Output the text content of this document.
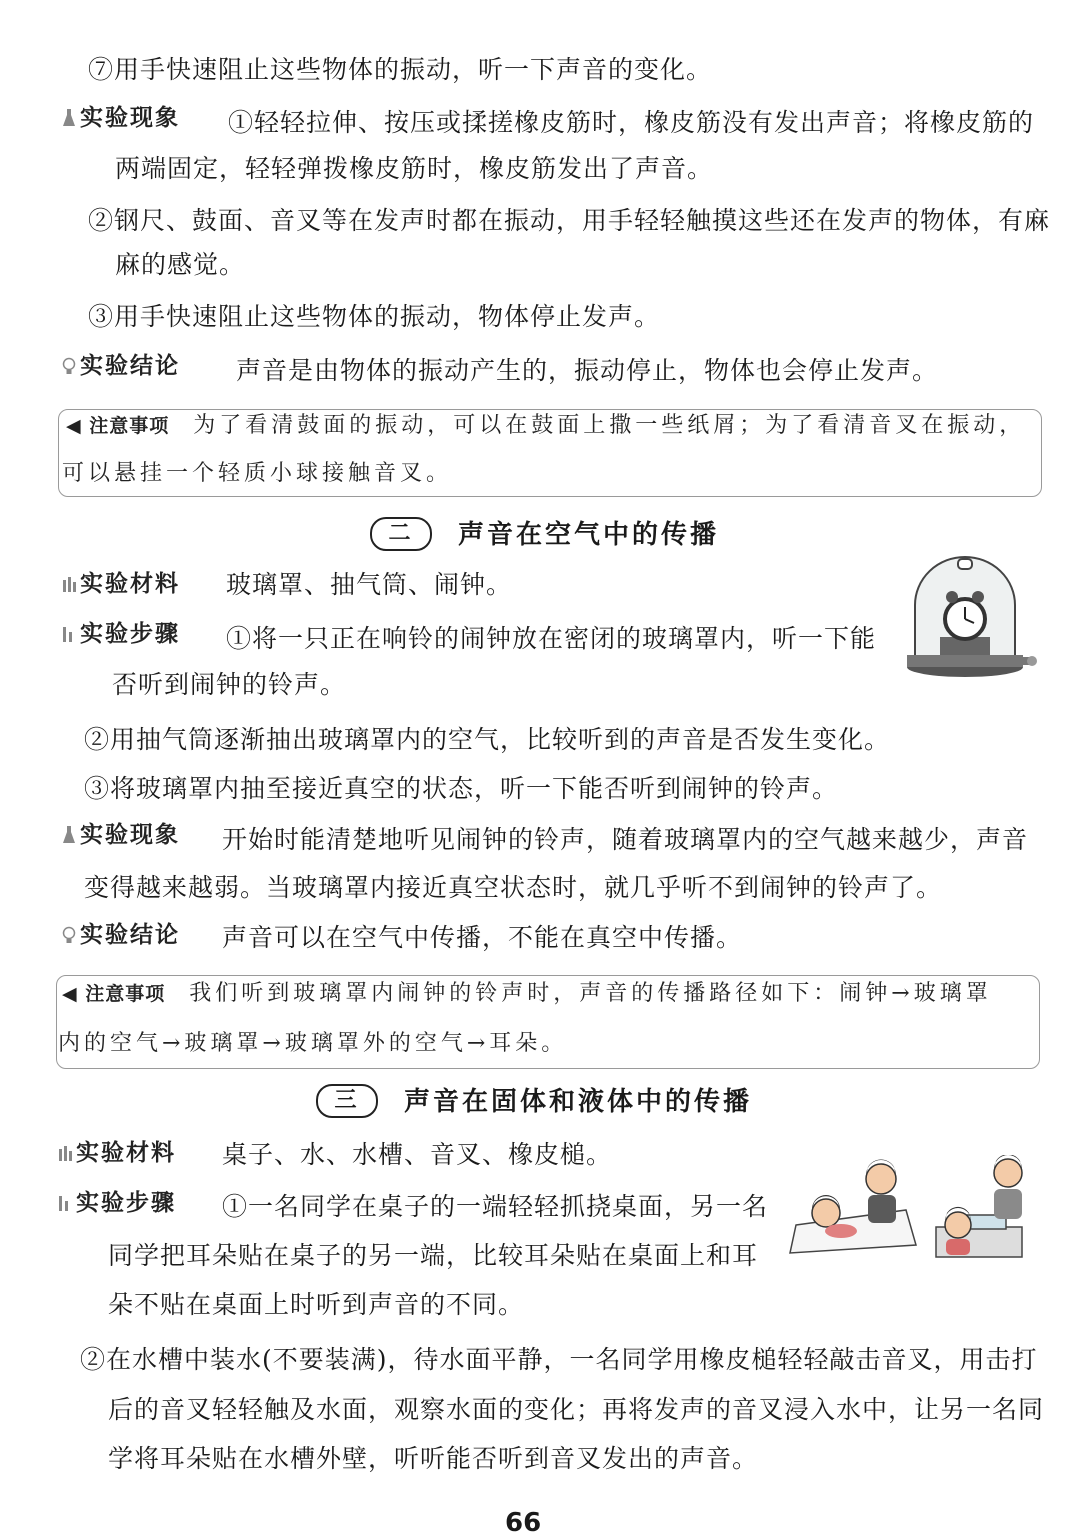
⑦用手快速阻止这些物体的振动，听一下声音的变化。
实验现象 ①轻轻拉伸、按压或揉搓橡皮筋时，橡皮筋没有发出声音；将橡皮筋的
两端固定，轻轻弹拨橡皮筋时，橡皮筋发出了声音。
②钢尺、鼓面、音叉等在发声时都在振动，用手轻轻触摸这些还在发声的物体，有麻
麻的感觉。
③用手快速阻止这些物体的振动，物体停止发声。
实验结论 声音是由物体的振动产生的，振动停止，物体也会停止发声。
◀ 注意事项 为了看清鼓面的振动，可以在鼓面上撒一些纸屑；为了看清音叉在振动，
可以悬挂一个轻质小球接触音叉。
二 声音在空气中的传播
实验材料 玻璃罩、抽气筒、闹钟。
实验步骤 ①将一只正在响铃的闹钟放在密闭的玻璃罩内，听一下能
否听到闹钟的铃声。
②用抽气筒逐渐抽出玻璃罩内的空气，比较听到的声音是否发生变化。
③将玻璃罩内抽至接近真空的状态，听一下能否听到闹钟的铃声。
实验现象 开始时能清楚地听见闹钟的铃声，随着玻璃罩内的空气越来越少，声音
变得越来越弱。当玻璃罩内接近真空状态时，就几乎听不到闹钟的铃声了。
实验结论 声音可以在空气中传播，不能在真空中传播。
◀ 注意事项 我们听到玻璃罩内闹钟的铃声时，声音的传播路径如下：闹钟→玻璃罩
内的空气→玻璃罩→玻璃罩外的空气→耳朵。
三 声音在固体和液体中的传播
实验材料 桌子、水、水槽、音叉、橡皮槌。
实验步骤 ①一名同学在桌子的一端轻轻抓挠桌面，另一名
同学把耳朵贴在桌子的另一端，比较耳朵贴在桌面上和耳
朵不贴在桌面上时听到声音的不同。
②在水槽中装水(不要装满)，待水面平静，一名同学用橡皮槌轻轻敲击音叉，用击打
后的音叉轻轻触及水面，观察水面的变化；再将发声的音叉浸入水中，让另一名同
学将耳朵贴在水槽外壁，听听能否听到音叉发出的声音。
66
